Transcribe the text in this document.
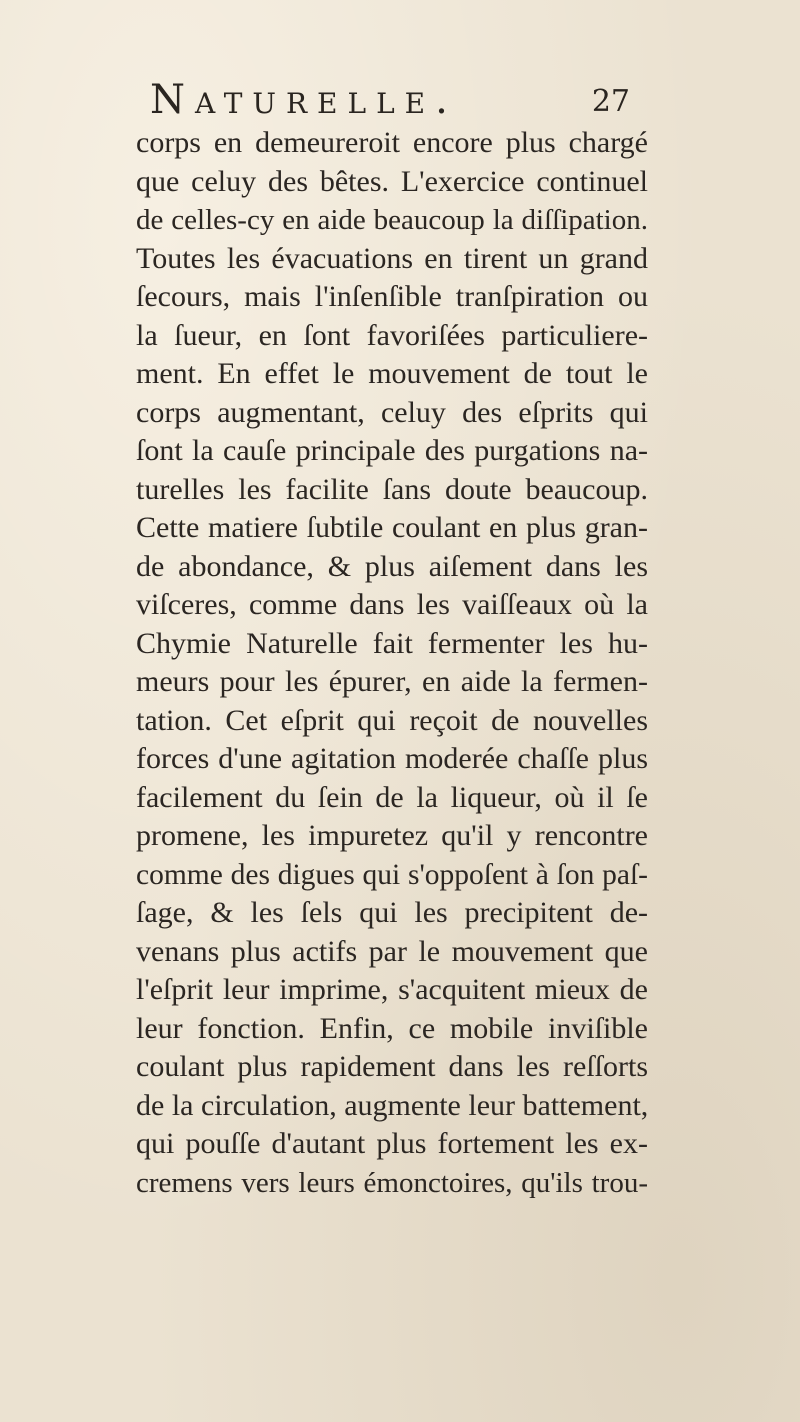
Naturelle.	27
corps en demeureroit encore plus chargé
que celuy des bêtes. L'exercice continuel
de celles-cy en aide beaucoup la diſſipation.
Toutes les évacuations en tirent un grand
ſecours, mais l'inſenſible tranſpiration ou
la ſueur, en ſont favoriſées particuliere-
ment. En effet le mouvement de tout le
corps augmentant, celuy des eſprits qui
ſont la cauſe principale des purgations na-
turelles les facilite ſans doute beaucoup.
Cette matiere ſubtile coulant en plus gran-
de abondance, & plus aiſement dans les
viſceres, comme dans les vaiſſeaux où la
Chymie Naturelle fait fermenter les hu-
meurs pour les épurer, en aide la fermen-
tation. Cet eſprit qui reçoit de nouvelles
forces d'une agitation moderée chaſſe plus
facilement du ſein de la liqueur, où il ſe
promene, les impuretez qu'il y rencontre
comme des digues qui s'oppoſent à ſon paſ-
ſage, & les ſels qui les precipitent de-
venans plus actifs par le mouvement que
l'eſprit leur imprime, s'acquitent mieux de
leur fonction. Enfin, ce mobile inviſible
coulant plus rapidement dans les reſſorts
de la circulation, augmente leur battement,
qui pouſſe d'autant plus fortement les ex-
cremens vers leurs émonctoires, qu'ils trou-
